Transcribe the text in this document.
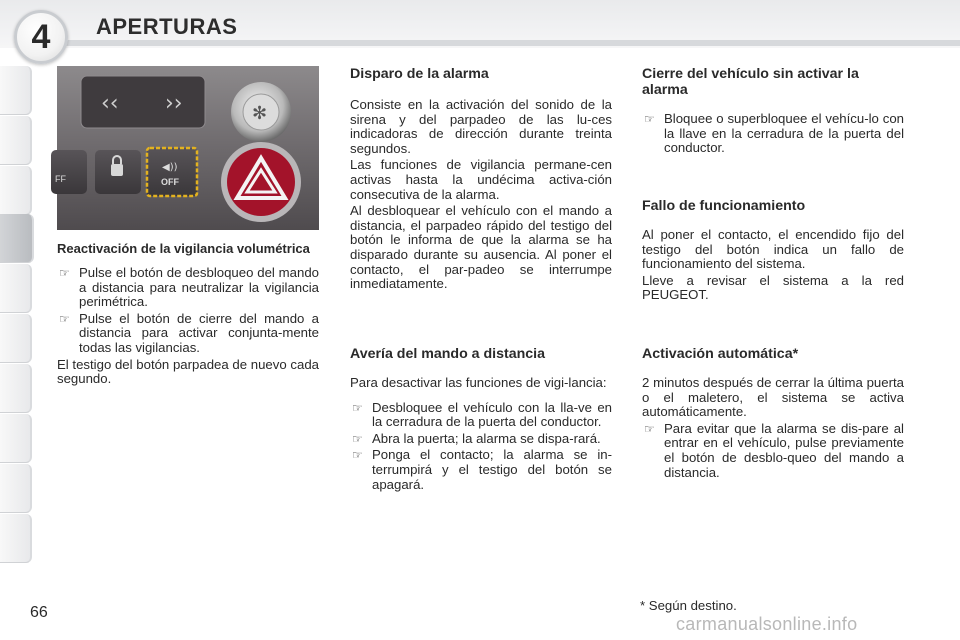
4 APERTURAS
‹‹ ››	✻
FF
◀))
OFF

Reactivación de la vigilancia volumétrica

☞ Pulse el botón de desbloqueo del mando a distancia para neutralizar la vigilancia perimétrica.

☞ Pulse el botón de cierre del mando a distancia para activar conjunta-mente todas las vigilancias.

El testigo del botón parpadea de nuevo cada segundo.

Disparo de la alarma

Consiste en la activación del sonido de la sirena y del parpadeo de las lu-ces indicadoras de dirección durante treinta segundos.

Las funciones de vigilancia permane-cen activas hasta la undécima activa-ción consecutiva de la alarma.

Al desbloquear el vehículo con el mando a distancia, el parpadeo rápido del testigo del botón le informa de que la alarma se ha disparado durante su ausencia. Al poner el contacto, el par-padeo se interrumpe inmediatamente.

Avería del mando a distancia

Para desactivar las funciones de vigi-lancia:

☞ Desbloquee el vehículo con la lla-ve en la cerradura de la puerta del conductor.

☞ Abra la puerta; la alarma se dispa-rará.

☞ Ponga el contacto; la alarma se in-terrumpirá y el testigo del botón se apagará.

Cierre del vehículo sin activar la alarma

☞ Bloquee o superbloquee el vehícu-lo con la llave en la cerradura de la puerta del conductor.

Fallo de funcionamiento

Al poner el contacto, el encendido fijo del testigo del botón indica un fallo de funcionamiento del sistema.

Lleve a revisar el sistema a la red PEUGEOT.

Activación automática*

2 minutos después de cerrar la última puerta o el maletero, el sistema se activa automáticamente.

☞ Para evitar que la alarma se dis-pare al entrar en el vehículo, pulse previamente el botón de desblo-queo del mando a distancia.

66	* Según destino.
carmanualsonline.info
